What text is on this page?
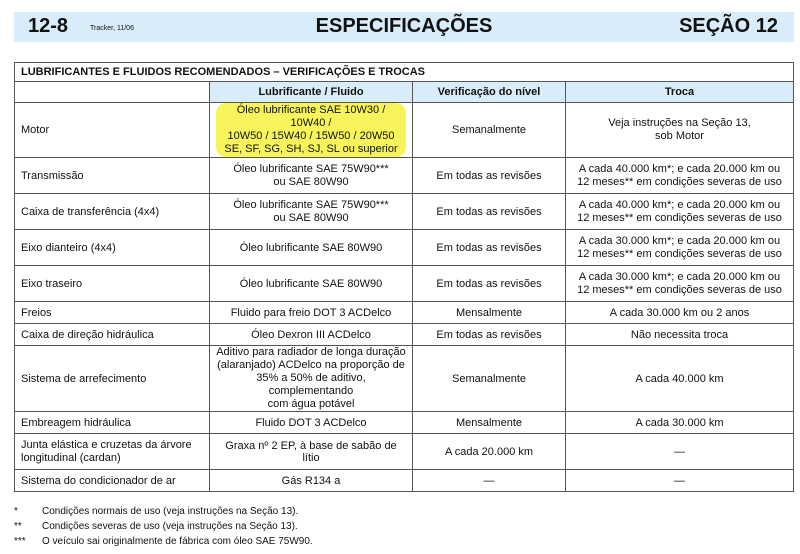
12-8	Tracker, 11/06	ESPECIFICAÇÕES	SEÇÃO 12
LUBRIFICANTES E FLUIDOS RECOMENDADOS – VERIFICAÇÕES E TROCAS			
	Lubrificante / Fluido	Verificação do nível	Troca
Motor	Óleo lubrificante SAE 10W30 / 10W40 /
10W50 / 15W40 / 15W50 / 20W50
SE, SF, SG, SH, SJ, SL ou superior	Semanalmente	Veja instruções na Seção 13,
sob Motor
Transmissão	Óleo lubrificante SAE 75W90***
ou SAE 80W90	Em todas as revisões	A cada 40.000 km*; e cada 20.000 km ou
12 meses** em condições severas de uso
Caixa de transferência (4x4)	Óleo lubrificante SAE 75W90***
ou SAE 80W90	Em todas as revisões	A cada 40.000 km*; e cada 20.000 km ou
12 meses** em condições severas de uso
Eixo dianteiro (4x4)	Óleo lubrificante SAE 80W90	Em todas as revisões	A cada 30.000 km*; e cada 20.000 km ou
12 meses** em condições severas de uso
Eixo traseiro	Óleo lubrificante SAE 80W90	Em todas as revisões	A cada 30.000 km*; e cada 20.000 km ou
12 meses** em condições severas de uso
Freios	Fluido para freio DOT 3 ACDelco	Mensalmente	A cada 30.000 km ou 2 anos
Caixa de direção hidráulica	Óleo Dexron III ACDelco	Em todas as revisões	Não necessita troca
Sistema de arrefecimento	Aditivo para radiador de longa duração
(alaranjado) ACDelco na proporção de
35% a 50% de aditivo, complementando
com água potável	Semanalmente	A cada 40.000 km
Embreagem hidráulica	Fluido DOT 3 ACDelco	Mensalmente	A cada 30.000 km
Junta elástica e cruzetas da árvore
longitudinal (cardan)	Graxa nº 2 EP, à base de sabão de lítio	A cada 20.000 km	—
Sistema do condicionador de ar	Gás R134 a	—	—
*	Condições normais de uso (veja instruções na Seção 13).
**	Condições severas de uso (veja instruções na Seção 13).
***	O veículo sai originalmente de fábrica com óleo SAE 75W90.
